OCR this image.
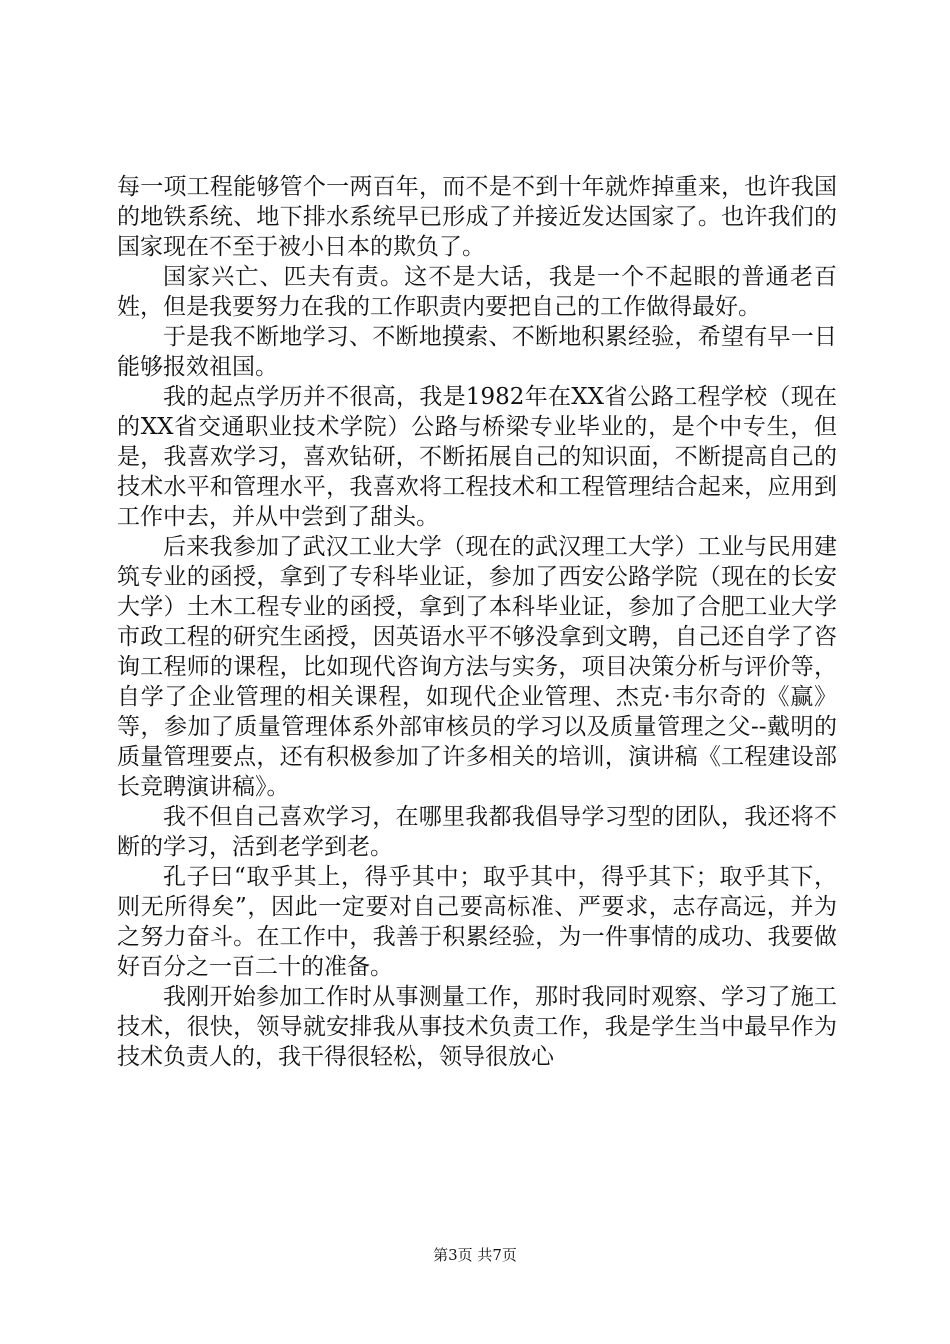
每一项工程能够管个一两百年，而不是不到十年就炸掉重来，也许我国的地铁系统、地下排水系统早已形成了并接近发达国家了。也许我们的国家现在不至于被小日本的欺负了。

国家兴亡、匹夫有责。这不是大话，我是一个不起眼的普通老百姓，但是我要努力在我的工作职责内要把自己的工作做得最好。

于是我不断地学习、不断地摸索、不断地积累经验，希望有早一日能够报效祖国。

我的起点学历并不很高，我是1982年在XX省公路工程学校（现在的XX省交通职业技术学院）公路与桥梁专业毕业的，是个中专生，但是，我喜欢学习，喜欢钻研，不断拓展自己的知识面，不断提高自己的技术水平和管理水平，我喜欢将工程技术和工程管理结合起来，应用到工作中去，并从中尝到了甜头。

后来我参加了武汉工业大学（现在的武汉理工大学）工业与民用建筑专业的函授，拿到了专科毕业证，参加了西安公路学院（现在的长安大学）土木工程专业的函授，拿到了本科毕业证，参加了合肥工业大学市政工程的研究生函授，因英语水平不够没拿到文聘，自己还自学了咨询工程师的课程，比如现代咨询方法与实务，项目决策分析与评价等，自学了企业管理的相关课程，如现代企业管理、杰克·韦尔奇的《赢》等，参加了质量管理体系外部审核员的学习以及质量管理之父--戴明的质量管理要点，还有积极参加了许多相关的培训，演讲稿《工程建设部长竞聘演讲稿》。

我不但自己喜欢学习，在哪里我都我倡导学习型的团队，我还将不断的学习，活到老学到老。

孔子曰“取乎其上，得乎其中；取乎其中，得乎其下；取乎其下，则无所得矣”，因此一定要对自己要高标准、严要求，志存高远，并为之努力奋斗。在工作中，我善于积累经验，为一件事情的成功、我要做好百分之一百二十的准备。

我刚开始参加工作时从事测量工作，那时我同时观察、学习了施工技术，很快，领导就安排我从事技术负责工作，我是学生当中最早作为技术负责人的，我干得很轻松，领导很放心

第3页 共7页
